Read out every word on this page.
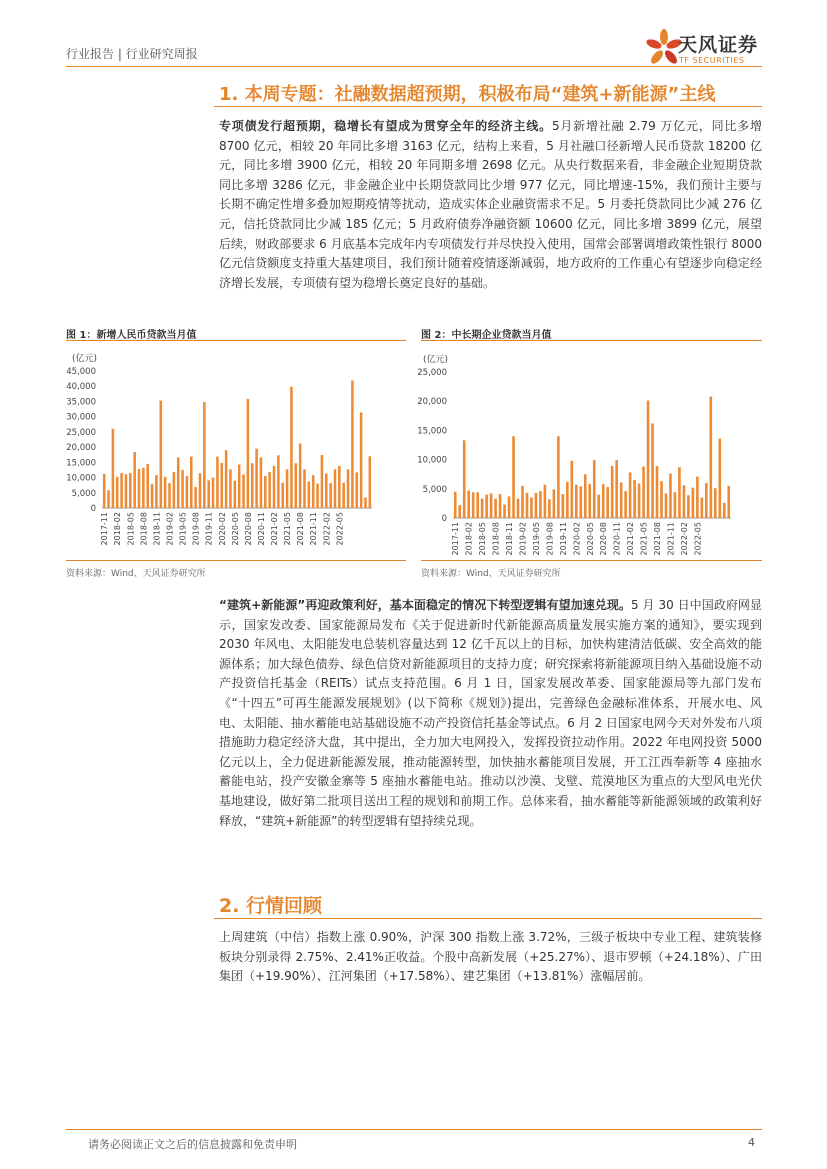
行业报告 | 行业研究周报	天风证券
TF SECURITIES
1. 本周专题：社融数据超预期，积极布局“建筑+新能源”主线

专项债发行超预期，稳增长有望成为贯穿全年的经济主线。5月新增社融 2.79 万亿元，同比多增 8700 亿元，相较 20 年同比多增 3163 亿元，结构上来看，5 月社融口径新增人民币贷款 18200 亿元，同比多增 3900 亿元，相较 20 年同期多增 2698 亿元。从央行数据来看，非金融企业短期贷款同比多增 3286 亿元，非金融企业中长期贷款同比少增 977 亿元，同比增速-15%，我们预计主要与长期不确定性增多叠加短期疫情等扰动，造成实体企业融资需求不足。5 月委托贷款同比少减 276 亿元，信托贷款同比少减 185 亿元；5 月政府债券净融资额 10600 亿元，同比多增 3899 亿元，展望后续，财政部要求 6 月底基本完成年内专项债发行并尽快投入使用，国常会部署调增政策性银行 8000 亿元信贷额度支持重大基建项目，我们预计随着疫情逐渐减弱，地方政府的工作重心有望逐步向稳定经济增长发展，专项债有望为稳增长奠定良好的基础。

图 1：新增人民币贷款当月值
(亿元)
0
5,000
10,000
15,000
20,000
25,000
30,000
35,000
40,000
45,000
2017-11 2018-02 2018-05 2018-08 2018-11 2019-02 2019-05 2019-08 2019-11 2020-02 2020-05 2020-08 2020-11 2021-02 2021-05 2021-08 2021-11 2022-02 2022-05
资料来源：Wind、天风证券研究所
图 2：中长期企业贷款当月值
(亿元)
0
5,000
10,000
15,000
20,000
25,000
2017-11 2018-02 2018-05 2018-08 2018-11 2019-02 2019-05 2019-08 2019-11 2020-02 2020-05 2020-08 2020-11 2021-02 2021-05 2021-08 2021-11 2022-02 2022-05
资料来源：Wind、天风证券研究所

“建筑+新能源”再迎政策利好，基本面稳定的情况下转型逻辑有望加速兑现。5 月 30 日中国政府网显示，国家发改委、国家能源局发布《关于促进新时代新能源高质量发展实施方案的通知》，要实现到 2030 年风电、太阳能发电总装机容量达到 12 亿千瓦以上的目标，加快构建清洁低碳、安全高效的能源体系；加大绿色债券、绿色信贷对新能源项目的支持力度；研究探索将新能源项目纳入基础设施不动产投资信托基金（REITs）试点支持范围。6 月 1 日，国家发展改革委、国家能源局等九部门发布《“十四五”可再生能源发展规划》(以下简称《规划》)提出，完善绿色金融标准体系，开展水电、风电、太阳能、抽水蓄能电站基础设施不动产投资信托基金等试点。6 月 2 日国家电网今天对外发布八项措施助力稳定经济大盘，其中提出，全力加大电网投入，发挥投资拉动作用。2022 年电网投资 5000 亿元以上，全力促进新能源发展，推动能源转型，加快抽水蓄能项目发展，开工江西奉新等 4 座抽水蓄能电站，投产安徽金寨等 5 座抽水蓄能电站。推动以沙漠、戈壁、荒漠地区为重点的大型风电光伏基地建设，做好第二批项目送出工程的规划和前期工作。总体来看，抽水蓄能等新能源领域的政策利好释放，“建筑+新能源”的转型逻辑有望持续兑现。

2. 行情回顾

上周建筑（中信）指数上涨 0.90%，沪深 300 指数上涨 3.72%，三级子板块中专业工程、建筑装修板块分别录得 2.75%、2.41%正收益。个股中高新发展（+25.27%）、退市罗顿（+24.18%）、广田集团（+19.90%）、江河集团（+17.58%）、建艺集团（+13.81%）涨幅居前。

请务必阅读正文之后的信息披露和免责申明	4
